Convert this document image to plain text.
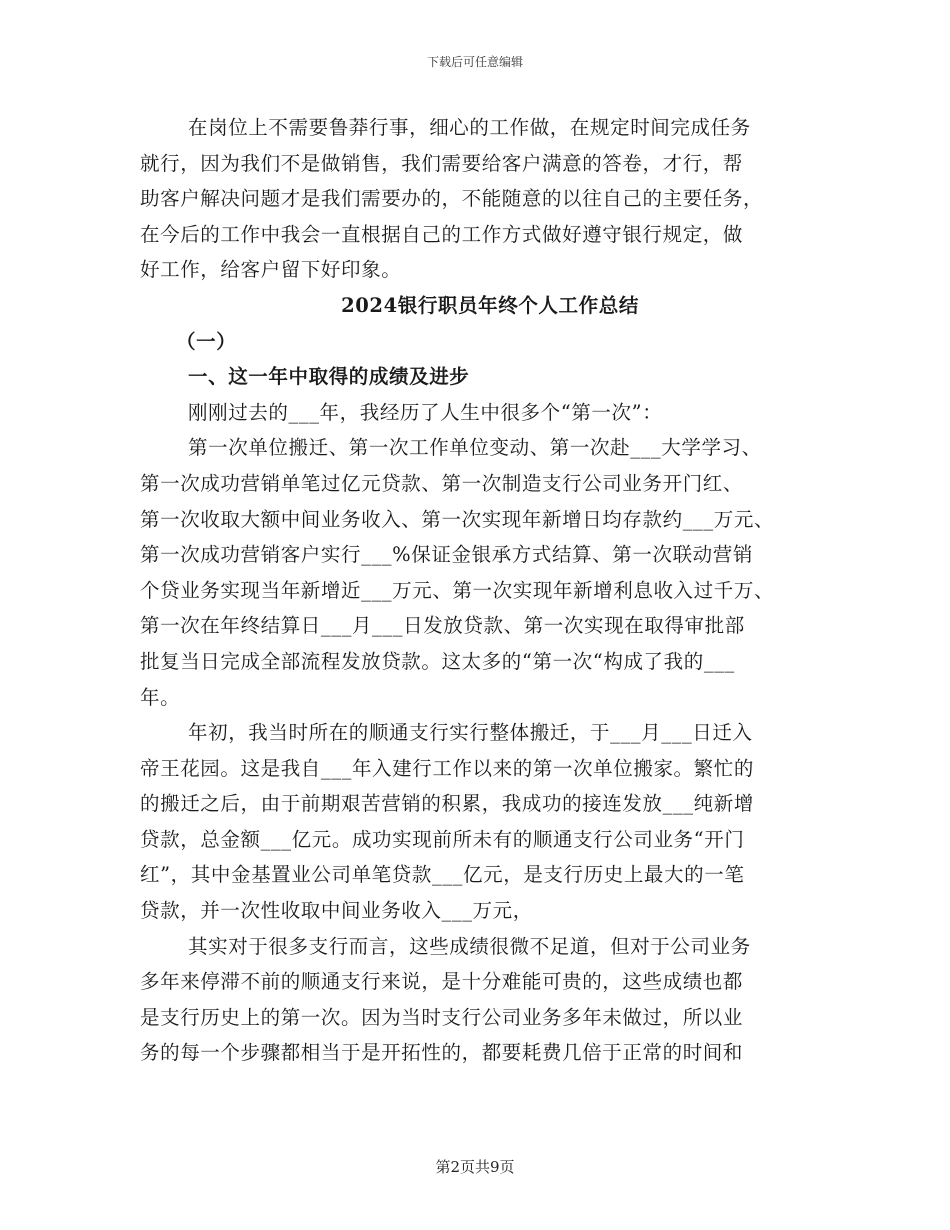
下载后可任意编辑
在岗位上不需要鲁莽行事，细心的工作做，在规定时间完成任务
就行，因为我们不是做销售，我们需要给客户满意的答卷，才行，帮
助客户解决问题才是我们需要办的，不能随意的以往自己的主要任务，
在今后的工作中我会一直根据自己的工作方式做好遵守银行规定，做
好工作，给客户留下好印象。
2024银行职员年终个人工作总结
（一）
一、这一年中取得的成绩及进步
刚刚过去的___年，我经历了人生中很多个“第一次”：
第一次单位搬迁、第一次工作单位变动、第一次赴___大学学习、
第一次成功营销单笔过亿元贷款、第一次制造支行公司业务开门红、
第一次收取大额中间业务收入、第一次实现年新增日均存款约___万元、
第一次成功营销客户实行___%保证金银承方式结算、第一次联动营销
个贷业务实现当年新增近___万元、第一次实现年新增利息收入过千万、
第一次在年终结算日___月___日发放贷款、第一次实现在取得审批部
批复当日完成全部流程发放贷款。这太多的“第一次“构成了我的___
年。
年初，我当时所在的顺通支行实行整体搬迁，于___月___日迁入
帝王花园。这是我自___年入建行工作以来的第一次单位搬家。繁忙的
的搬迁之后，由于前期艰苦营销的积累，我成功的接连发放___纯新增
贷款，总金额___亿元。成功实现前所未有的顺通支行公司业务“开门
红”，其中金基置业公司单笔贷款___亿元，是支行历史上最大的一笔
贷款，并一次性收取中间业务收入___万元，
其实对于很多支行而言，这些成绩很微不足道，但对于公司业务
多年来停滞不前的顺通支行来说，是十分难能可贵的，这些成绩也都
是支行历史上的第一次。因为当时支行公司业务多年未做过，所以业
务的每一个步骤都相当于是开拓性的，都要耗费几倍于正常的时间和
第2页共9页
